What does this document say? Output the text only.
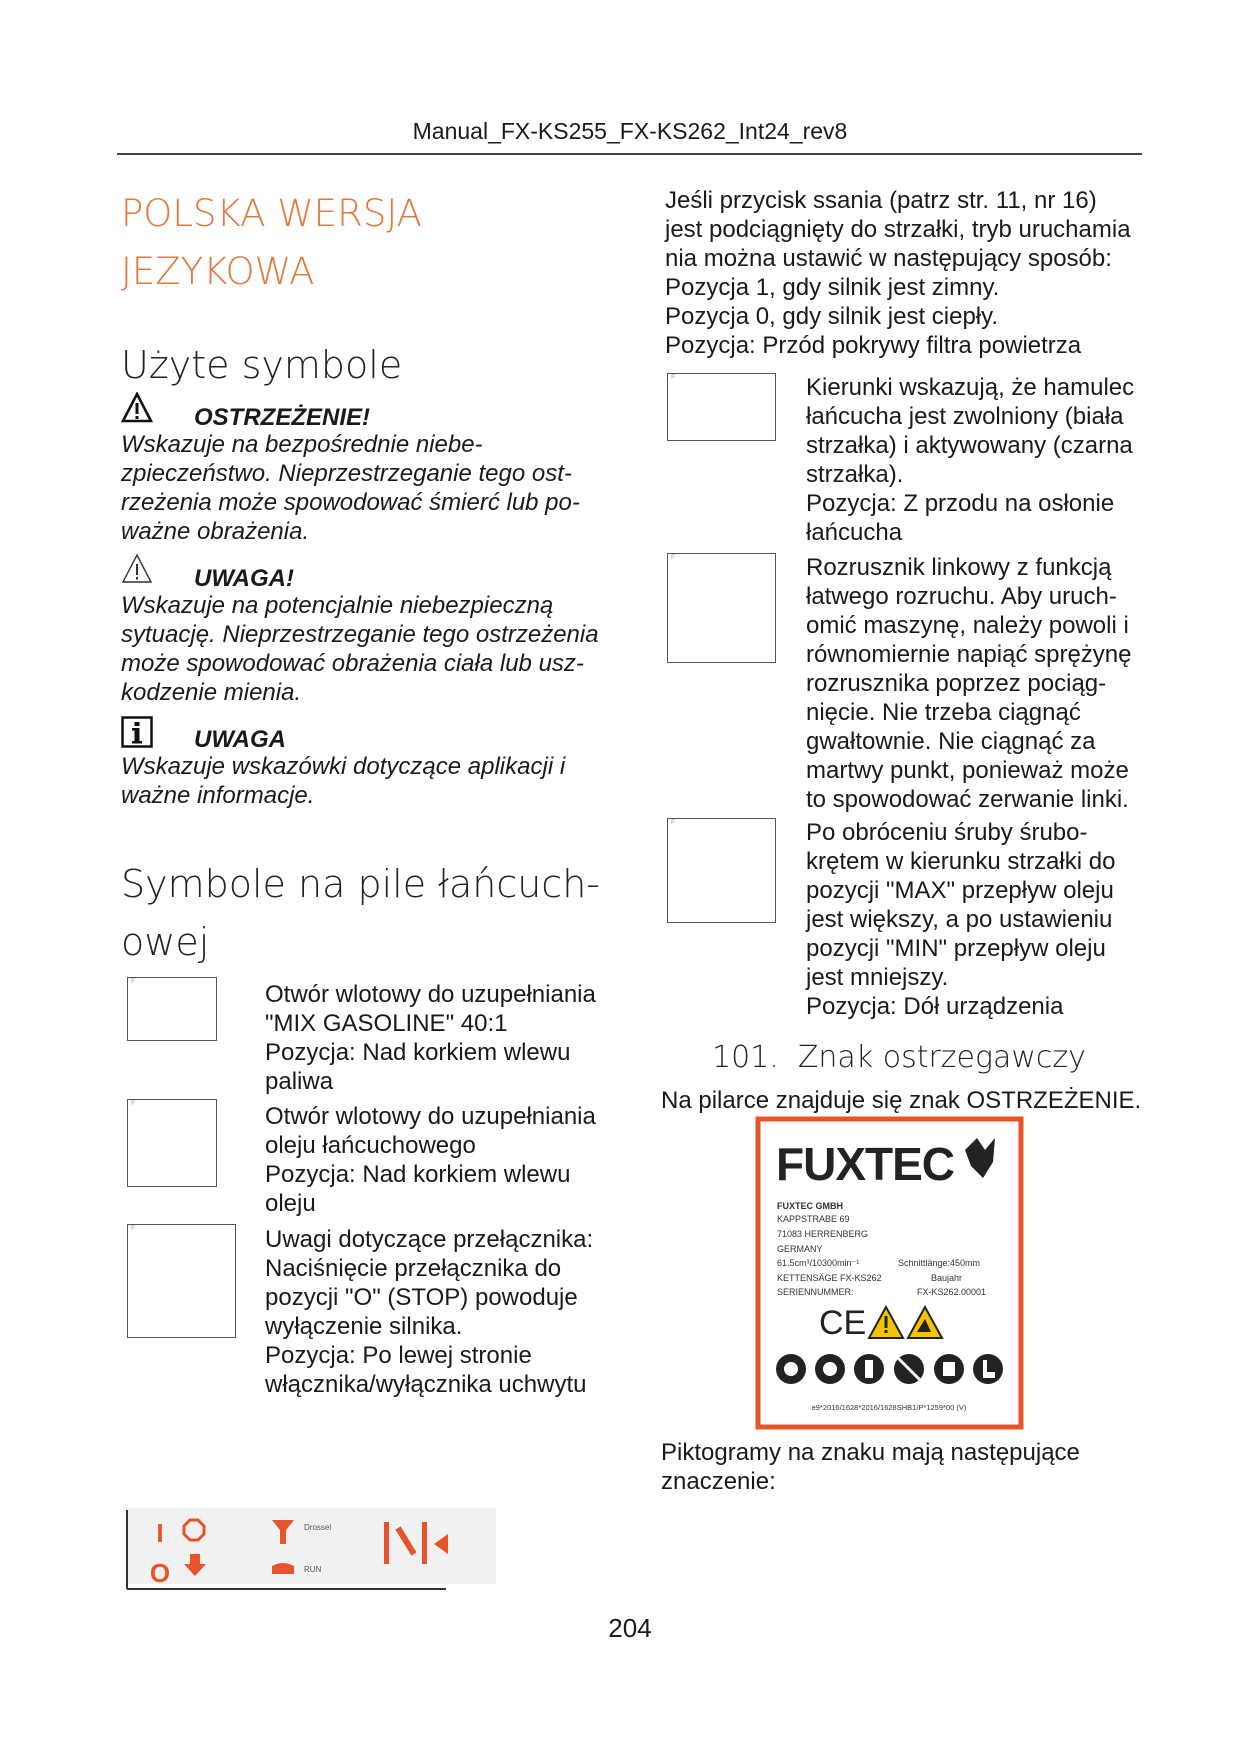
Manual_FX-KS255_FX-KS262_Int24_rev8
POLSKA WERSJA
JEZYKOWA
Użyte symbole
OSTRZEŻENIE!
Wskazuje na bezpośrednie niebe-
zpieczeństwo. Nieprzestrzeganie tego ost-
rzeżenia może spowodować śmierć lub po-
ważne obrażenia.
UWAGA!
Wskazuje na potencjalnie niebezpieczną
sytuację. Nieprzestrzeganie tego ostrzeżenia
może spowodować obrażenia ciała lub usz-
kodzenie mienia.
UWAGA
Wskazuje wskazówki dotyczące aplikacji i
ważne informacje.
Symbole na pile łańcuch-
owej
F
Otwór wlotowy do uzupełniania
"MIX GASOLINE" 40:1
Pozycja: Nad korkiem wlewu
paliwa
F
Otwór wlotowy do uzupełniania
oleju łańcuchowego
Pozycja: Nad korkiem wlewu
oleju
F
Uwagi dotyczące przełącznika:
Naciśnięcie przełącznika do
pozycji "O" (STOP) powoduje
wyłączenie silnika.
Pozycja: Po lewej stronie
włącznika/wyłącznika uchwytu
I
O
Drossel
RUN
Jeśli przycisk ssania (patrz str. 11, nr 16)
jest podciągnięty do strzałki, tryb uruchamia
nia można ustawić w następujący sposób:
Pozycja 1, gdy silnik jest zimny.
Pozycja 0, gdy silnik jest ciepły.
Pozycja: Przód pokrywy filtra powietrza
F
Kierunki wskazują, że hamulec
łańcucha jest zwolniony (biała
strzałka) i aktywowany (czarna
strzałka).
Pozycja: Z przodu na osłonie
łańcucha
F
Rozrusznik linkowy z funkcją
łatwego rozruchu. Aby uruch-
omić maszynę, należy powoli i
równomiernie napiąć sprężynę
rozrusznika poprzez pociąg-
nięcie. Nie trzeba ciągnąć
gwałtownie. Nie ciągnąć za
martwy punkt, ponieważ może
to spowodować zerwanie linki.
F
Po obróceniu śruby śrubo-
krętem w kierunku strzałki do
pozycji "MAX" przepływ oleju
jest większy, a po ustawieniu
pozycji "MIN" przepływ oleju
jest mniejszy.
Pozycja: Dół urządzenia
101.  Znak ostrzegawczy
Na pilarce znajduje się znak OSTRZEŻENIE.
FUXTEC
FUXTEC GMBH
KAPPSTRABE 69
71083 HERRENBERG
GERMANY
61.5cm³/10300min⁻¹	Schnittlänge:450mm
KETTENSÄGE FX-KS262	Baujahr
SERIENNUMMER:	FX-KS262.00001
CE
e9*2016/1628*2016/1628SHB1/P*1259*00 (V)
Piktogramy na znaku mają następujące
znaczenie:
204
